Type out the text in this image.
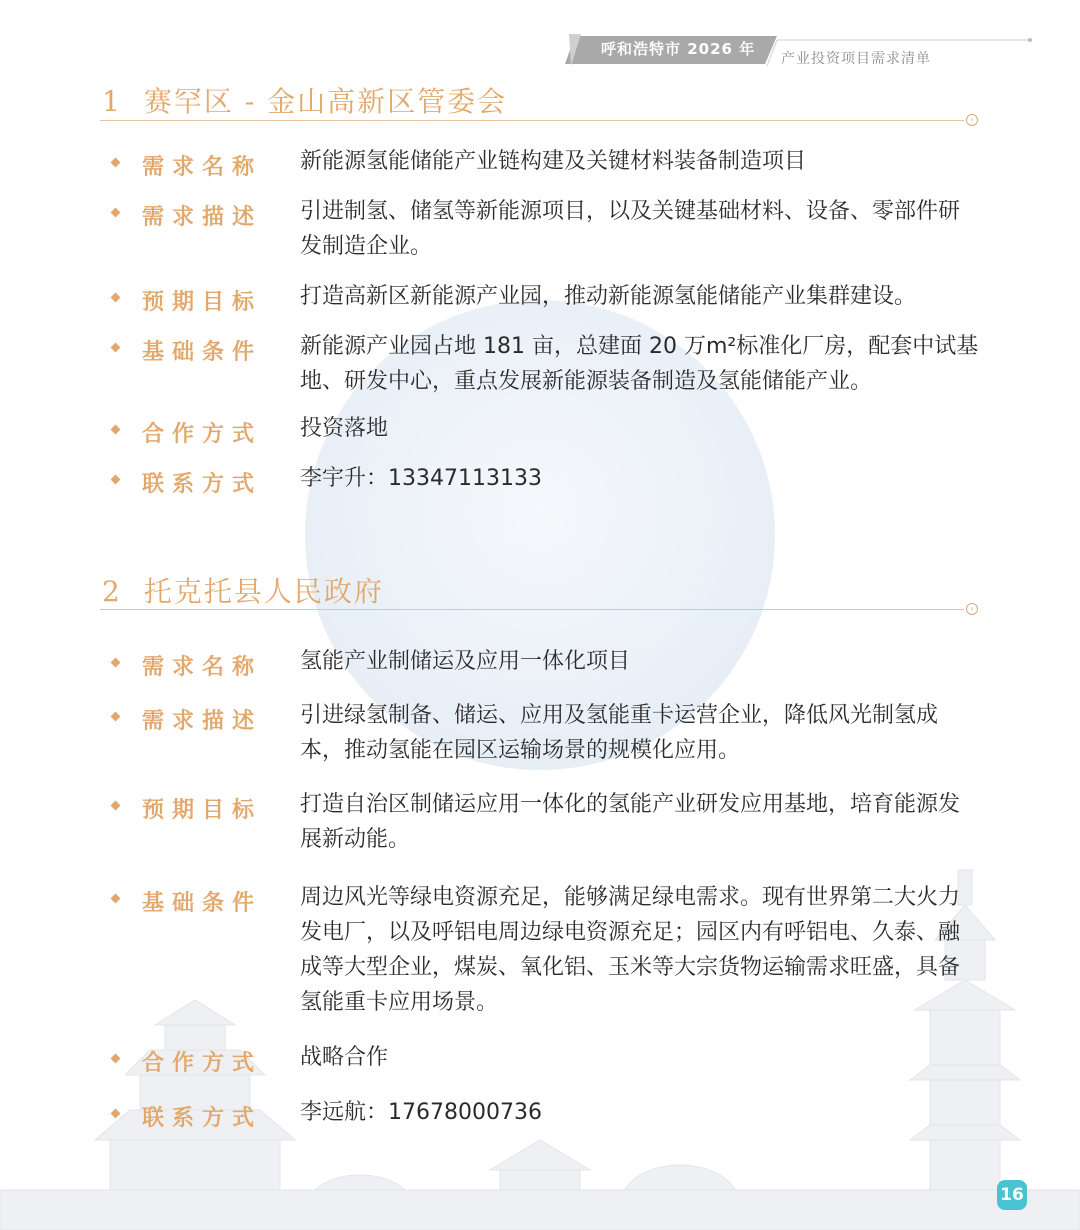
呼和浩特市 2026 年
产业投资项目需求清单
1 赛罕区 - 金山高新区管委会
›
需求名称 新能源氢能储能产业链构建及关键材料装备制造项目
需求描述 引进制氢、储氢等新能源项目，以及关键基础材料、设备、零部件研发制造企业。
预期目标 打造高新区新能源产业园，推动新能源氢能储能产业集群建设。
基础条件 新能源产业园占地 181 亩，总建面 20 万m²标准化厂房，配套中试基地、研发中心，重点发展新能源装备制造及氢能储能产业。
合作方式 投资落地
联系方式 李宇升：13347113133
2 托克托县人民政府
›
需求名称 氢能产业制储运及应用一体化项目
需求描述 引进绿氢制备、储运、应用及氢能重卡运营企业，降低风光制氢成本，推动氢能在园区运输场景的规模化应用。
预期目标 打造自治区制储运应用一体化的氢能产业研发应用基地，培育能源发展新动能。
基础条件 周边风光等绿电资源充足，能够满足绿电需求。现有世界第二大火力发电厂，以及呼铝电周边绿电资源充足；园区内有呼铝电、久泰、融成等大型企业，煤炭、氧化铝、玉米等大宗货物运输需求旺盛，具备氢能重卡应用场景。
合作方式 战略合作
联系方式 李远航：17678000736
16
